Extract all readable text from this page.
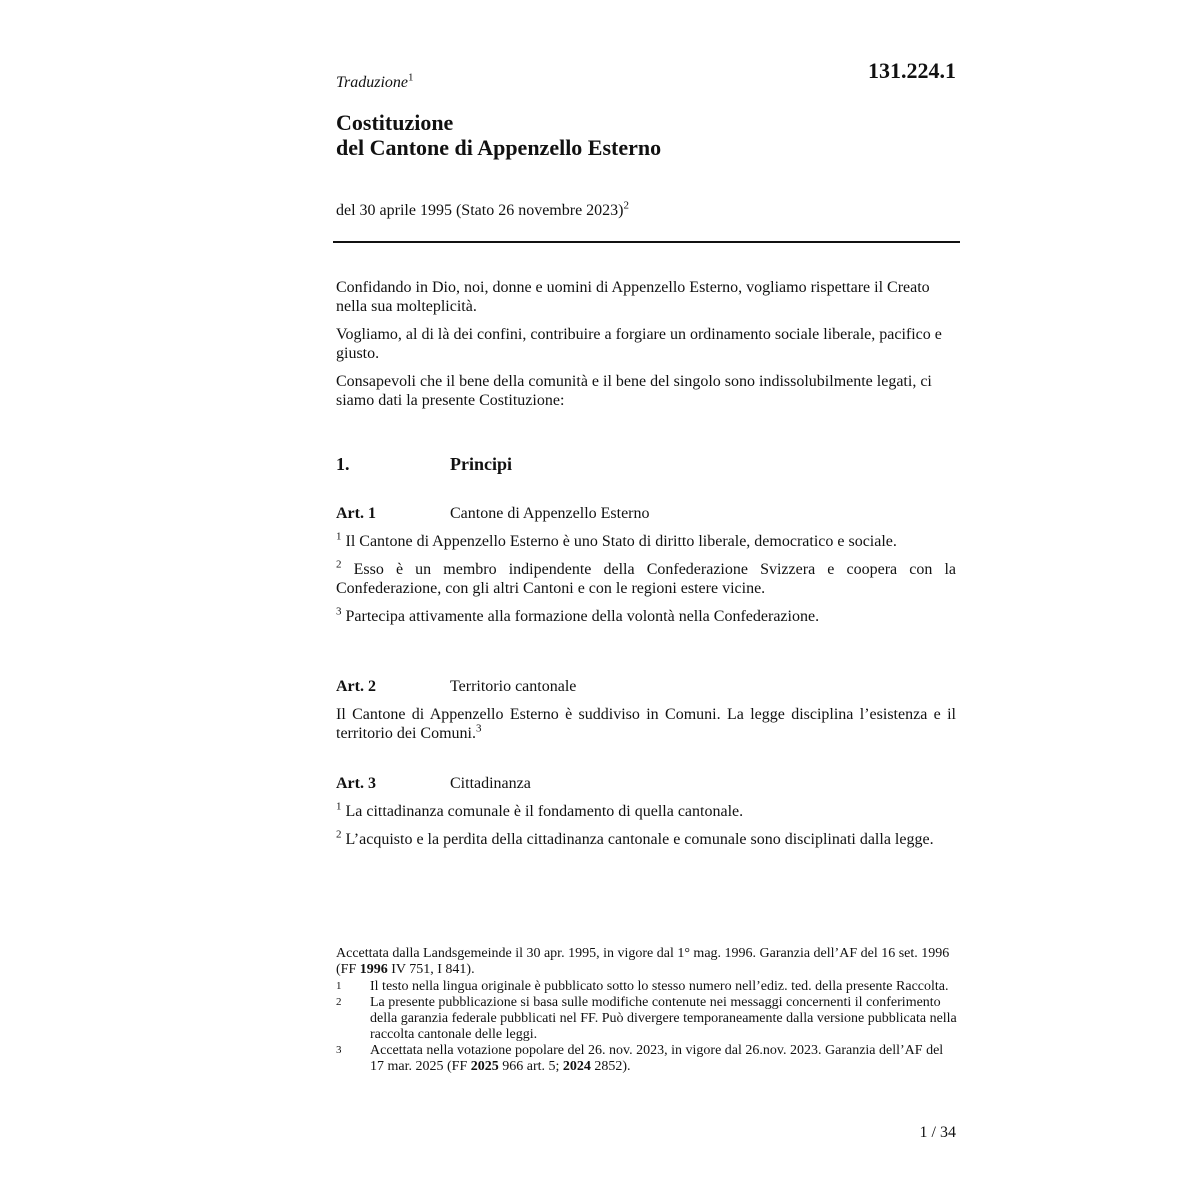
131.224.1
Traduzione$^1$
Costituzione
del Cantone di Appenzello Esterno
del 30 aprile 1995 (Stato 26 novembre 2023)$^2$

Confidando in Dio, noi, donne e uomini di Appenzello Esterno, vogliamo rispettare il Creato nella sua molteplicità.

Vogliamo, al di là dei confini, contribuire a forgiare un ordinamento sociale liberale, pacifico e giusto.

Consapevoli che il bene della comunità e il bene del singolo sono indissolubilmente legati, ci siamo dati la presente Costituzione:

1.	Principi
Art. 1	Cantone di Appenzello Esterno

$^1$ Il Cantone di Appenzello Esterno è uno Stato di diritto liberale, democratico e sociale.

$^2$ Esso è un membro indipendente della Confederazione Svizzera e coopera con la Confederazione, con gli altri Cantoni e con le regioni estere vicine.

$^3$ Partecipa attivamente alla formazione della volontà nella Confederazione.

Art. 2	Territorio cantonale

Il Cantone di Appenzello Esterno è suddiviso in Comuni. La legge disciplina l’esistenza e il territorio dei Comuni.$^3$

Art. 3	Cittadinanza

$^1$ La cittadinanza comunale è il fondamento di quella cantonale.

$^2$ L’acquisto e la perdita della cittadinanza cantonale e comunale sono disciplinati dalla legge.

Accettata dalla Landsgemeinde il 30 apr. 1995, in vigore dal 1° mag. 1996. Garanzia dell’AF del 16 set. 1996 (FF 1996 IV 751, I 841).

1	Il testo nella lingua originale è pubblicato sotto lo stesso numero nell’ediz. ted. della presente Raccolta.
2	La presente pubblicazione si basa sulle modifiche contenute nei messaggi concernenti il conferimento della garanzia federale pubblicati nel FF. Può divergere temporaneamente dalla versione pubblicata nella raccolta cantonale delle leggi.
3	Accettata nella votazione popolare del 26. nov. 2023, in vigore dal 26.nov. 2023. Garanzia dell’AF del 17 mar. 2025 (FF 2025 966 art. 5; 2024 2852).
1 / 34
